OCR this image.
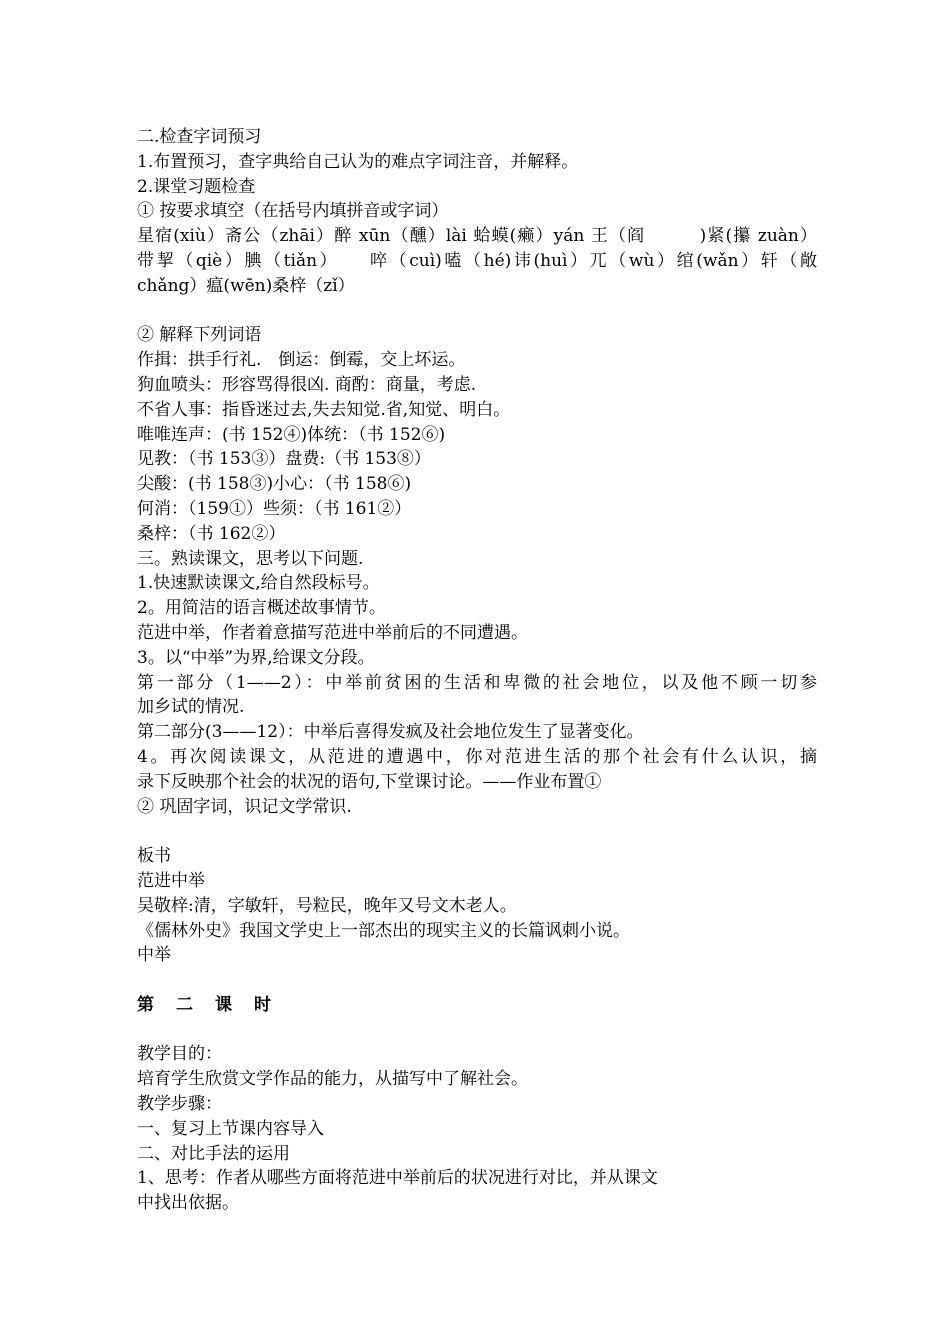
二.检查字词预习
1.布置预习，查字典给自己认为的难点字词注音，并解释。
2.课堂习题检查
① 按要求填空（在括号内填拼音或字词）
星宿(xiù）斋公（zhāi）醉 xūn（醺）lài 蛤蟆(癞）yán 王（阎　　　)紧(攥 zuàn）
带挈（qiè）腆（tiǎn）　　啐（cuì)嗑（hé)讳(huì）兀（wù）绾(wǎn）轩（敞
chǎng）瘟(wēn)桑梓（zǐ）
② 解释下列词语
作揖：拱手行礼.　倒运：倒霉，交上坏运。
狗血喷头：形容骂得很凶. 商酌：商量，考虑.
不省人事：指昏迷过去,失去知觉.省,知觉、明白。
唯唯连声：(书 152④)体统：（书 152⑥)
见教：（书 153③）盘费:（书 153⑧）
尖酸：(书 158③)小心：（书 158⑥)
何消：（159①）些须：（书 161②）
桑梓：（书 162②）
三。熟读课文，思考以下问题.
1.快速默读课文,给自然段标号。
2。用简洁的语言概述故事情节。
范进中举，作者着意描写范进中举前后的不同遭遇。
3。以“中举”为界,给课文分段。
第一部分（1——2）：中举前贫困的生活和卑微的社会地位，以及他不顾一切参
加乡试的情况.
第二部分(3——12）：中举后喜得发疯及社会地位发生了显著变化。
4。再次阅读课文，从范进的遭遇中，你对范进生活的那个社会有什么认识，摘
录下反映那个社会的状况的语句,下堂课讨论。——作业布置①
② 巩固字词，识记文学常识.
板书
范进中举
吴敬梓:清，字敏轩，号粒民，晚年又号文木老人。
《儒林外史》我国文学史上一部杰出的现实主义的长篇讽刺小说。
中举
第二课时
教学目的：
培育学生欣赏文学作品的能力，从描写中了解社会。
教学步骤：
一、复习上节课内容导入
二、对比手法的运用
1、思考：作者从哪些方面将范进中举前后的状况进行对比，并从课文
中找出依据。
